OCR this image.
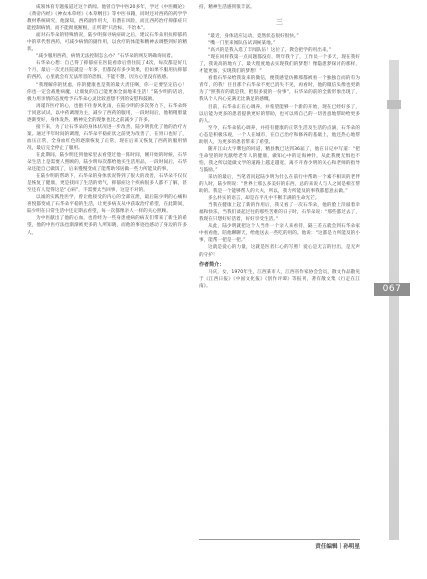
咸领体育专题报道过这个新闻。他曾自学中医20多年，学过《中医概论》《黄帝内经》《神农本草经》《本草纲目》等中医书籍，同时还对西药的药学学教材系统研究，他深知，西药副作用大，有潜在风险，而且西药治疗抑郁症只能控制病情，而不能彻底断根，正所谓“只治标，不治本”。

面对石华朵的特殊情况，陆少明探寻病症研之后，建议石华朵用抗抑郁药中的草代替西药，可减少病情的副作用，以食疗的体能和精神去调整到好的精状。

“减少服用西药，病情无法控制怎么办？”石华朵的网友明确询问着。

石华朵心想：自己得了抑郁症在医院看诊后曾住院了4次，每次都是好几个月，最后一次光住院就是一年多，但都没有多少效果，但如果不服用抗抑郁的西药，心里就会有无法形容的恐惧，不能不想，因为心里没有底感。

“我理解你的忧虑，你的健康也是我的最大责任啊，你一定要坚定信心！你也一定会战胜病魔，让康复的自己能更加全面地来生活！”陆少明的话语，极力用亲情的态度给予石华朵心灵比较意想不到的安慰和鼓励。

再谨许医疗的心，也抱不住春风化雨，在陆少明的多次努力下，石华朵终于同意试试，以中药调理为主，减少了西药的服用，一段时间后，他稍稍胆量逐渐变好，身体发热、精神完全的现象也比之前减少了许多。

接下来，为了让石华朵的身体状况进一步改善，陆少明优化了他的治疗方案。通过半年时间的调理，石华朵平稳症状之前更为改善了，在胃口也好了，血压正常，全身血红色的逐渐恢复了正常，现在后来又恢复了西药的服用情况，最后完全停止了服用。

在此期间，陆少明还到他家里去看望过他一阵时间，刚开始的时候，石华朵生活上是需要人照顾的，陆少明每次都给他买生活用品，一段时间后，石华朵还能自己做饭了，后来慢慢变成了能帮助邻居做一些力所能及的事。

在陆少明的帮助下，石华朵的身体状况得到了很大的改善，石华朵不仅仅是恢复了健康，更是找回了生活的勇气，抑郁症这个疾病很多人都不了解，甚至还有人觉得这是“心病”，不需要太当回事，这是不对的。

以诚的实践性医学，曾让他接受的内心的全部宣泄，最后陆少明的心痛和喜悦都变成了石华朵平稳的生活，让更多病友从中获取治疗希望，在此期间，陆少明在日常生活中还定期去看望，每一次都像亲人一样的关心照顾。

为中医献出了他的心血，也曾经为一些身患重病的病友们带来了新生的希望，他的中医疗法也渐渐被更多的人所知晓，而他的事迹也感动了身边的许多人。

持，精神生活感到很丰富。

三

“最近，身体适应运动，竟然状态很好很快。”

“嘴一门里来闻队伍试训候某地。”

“高兴的是我入选了丰闻队伍！这位了，教会把学的用出来。”

“现在同样我第一点问题都没有，明年我个了，工作员一个多天，现在我好了，我说高的地方了。最大程度地去实现我们的梦想！像隐患梦探讨的那样，才能更加，实现我们的梦想！”

看着石华朵给我发来的微信，便我感觉仿佛那都被看一个独独自而的有为青年，的我！目目那个石华朵不更已消失不见，再看时，他的微信头像也更新为了“照我有的就是我，把很多爱的一份事”，石华朵的前的全新形象出现了，我从个人内心充满无比满足的感慨。

目前，石华朵正在心调养，并希望能够一个新的开始，现在已经好多了，以后能为更多的患者提供更好的帮助，也可以将自己的一切善意地帮助给更多的人。

至今，石华朵依心调养，并持有健康的正常生活及生活的点滴，石华朵的心态是积极乐观，一个人在城市，在自己治疗和修养的基础上，他还热心地帮助别人，为更多的患者带来了希望。

随开江山大字牌包的同道，精县数已达到36届了，他在日记中写道：“把生命里的时光献给老年人的健康，做知心中的定海神针，从此我便无惧也不怕，我之所以能做文学的道路上越走越宽，离不开春少明的关心和老师的指导与鼓励。”

采访的最后，当笔者问起陆少明为什么在前行中帮助一个素不相识的老伴的人时，陆少明说：“世界上那么多美好的东西，总的来说人与人之间是相互帮助的。我是一个能够帮人的大夫，所以，我力所能及的事我都愿意去做。”

多么朴实的语言，却是在平凡中不断丰满的生命光芒。

当我在健康上起了新的作用后，我又看了一次石华朵，他的脸上洋溢着幸福和快乐，当我们谈起过往的那些苦难的日子时，石华朵说：“那些都过去了，我现在只想好好活着，好好享受生活。”

从此，陆少明就把这个人当作一个亲人来看待，隔三差五就会到石华朵家中看看他，陪他聊聊天，给他送去一些吃的用的。他说：“这都是力所能及的小事，能帮一把是一把。”

这就是爱心的力量，这就是医者仁心的写照！爱心是无言的付出，是无声的守护！

作者简介：

马庆，女，1970年生，江西某市人，江西省作家协会会员，散文作品散见于《江西日报》《中国文化报》《创作评谭》等报刊，著有散文集《行走在江南》。	067
责任编辑｜孙明星
